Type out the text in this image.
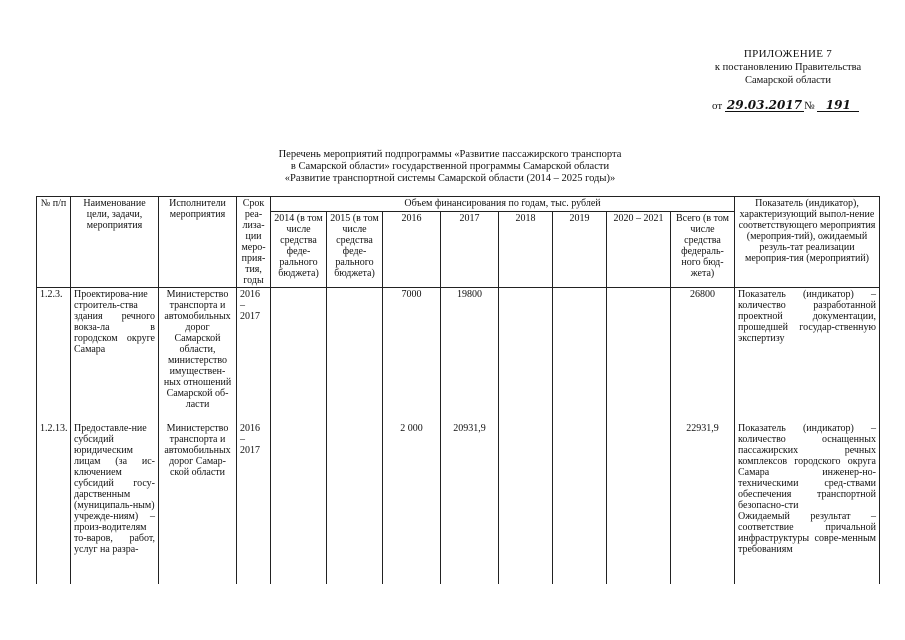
ПРИЛОЖЕНИЕ 7
к постановлению Правительства
Самарской области
от 29.03.2017 № 191
Перечень мероприятий подпрограммы «Развитие пассажирского транспорта
в Самарской области» государственной программы Самарской области
«Развитие транспортной системы Самарской области (2014 – 2025 годы)»
№ п/п	Наименование цели, задачи, мероприятия	Исполнители мероприятия	Срок реа-лиза-ции меро-прия-тия, годы	Объем финансирования по годам, тыс. рублей								Показатель (индикатор), характеризующий выпол-нение соответствующего мероприятия (мероприя-тий), ожидаемый резуль-тат реализации мероприя-тия (мероприятий)
				2014 (в том числе средства феде-рального бюджета)	2015 (в том числе средства феде-рального бюджета)	2016	2017	2018	2019	2020 – 2021	Всего (в том числе средства федераль-ного бюд-жета)	
1.2.3.	Проектирова-ние строитель-ства здания речного вокза-ла в городском округе Самара	Министерство транспорта и автомобильных дорог Самарской области, министерство имуществен-ных отношений Самарской об-ласти	2016 – 2017			7000	19800				26800	Показатель (индикатор) – количество разработанной проектной документации, прошедшей государ-ственную экспертизу
1.2.13.	Предоставле-ние субсидий юридическим лицам (за ис-ключением субсидий госу-дарственным (муниципаль-ным) учрежде-ниям) – произ-водителям то-варов, работ, услуг на разра-	Министерство транспорта и автомобильных дорог Самар-ской области	2016 – 2017			2 000	20931,9				22931,9	Показатель (индикатор) – количество оснащенных пассажирских речных комплексов городского округа Самара инженер-но-техническими сред-ствами обеспечения транспортной безопасно-сти
Ожидаемый результат – соответствие причальной инфраструктуры совре-менным требованиям
